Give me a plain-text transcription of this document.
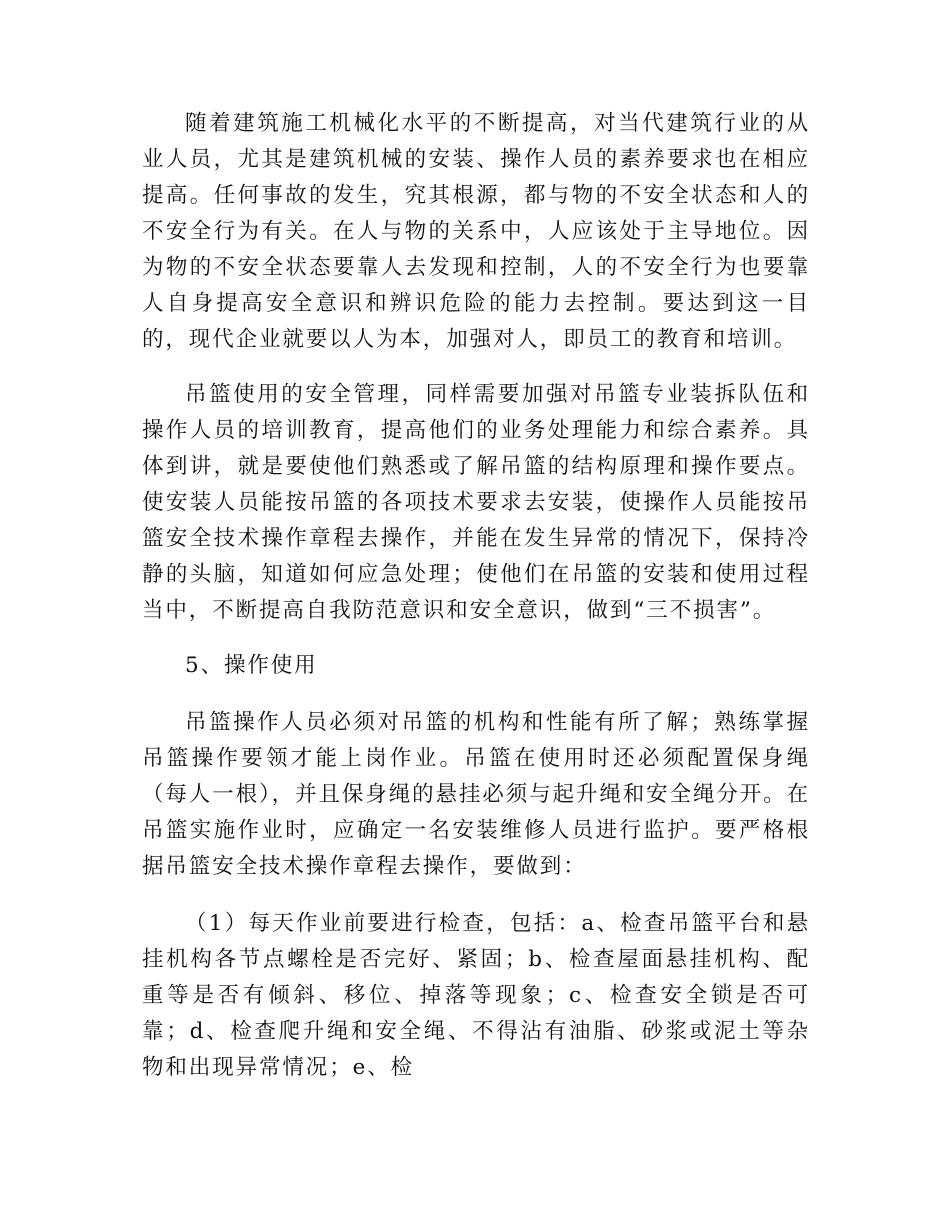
随着建筑施工机械化水平的不断提高，对当代建筑行业的从业人员，尤其是建筑机械的安装、操作人员的素养要求也在相应提高。任何事故的发生，究其根源，都与物的不安全状态和人的不安全行为有关。在人与物的关系中，人应该处于主导地位。因为物的不安全状态要靠人去发现和控制，人的不安全行为也要靠人自身提高安全意识和辨识危险的能力去控制。要达到这一目的，现代企业就要以人为本，加强对人，即员工的教育和培训。

吊篮使用的安全管理，同样需要加强对吊篮专业装拆队伍和操作人员的培训教育，提高他们的业务处理能力和综合素养。具体到讲，就是要使他们熟悉或了解吊篮的结构原理和操作要点。使安装人员能按吊篮的各项技术要求去安装，使操作人员能按吊篮安全技术操作章程去操作，并能在发生异常的情况下，保持冷静的头脑，知道如何应急处理；使他们在吊篮的安装和使用过程当中，不断提高自我防范意识和安全意识，做到“三不损害”。

5、操作使用

吊篮操作人员必须对吊篮的机构和性能有所了解；熟练掌握吊篮操作要领才能上岗作业。吊篮在使用时还必须配置保身绳 （每人一根），并且保身绳的悬挂必须与起升绳和安全绳分开。在吊篮实施作业时，应确定一名安装维修人员进行监护。要严格根据吊篮安全技术操作章程去操作，要做到：

（1）每天作业前要进行检查，包括：a、检查吊篮平台和悬挂机构各节点螺栓是否完好、紧固；b、检查屋面悬挂机构、配重等是否有倾斜、移位、掉落等现象；c、检查安全锁是否可靠；d、检查爬升绳和安全绳、不得沾有油脂、砂浆或泥土等杂物和出现异常情况；e、检
